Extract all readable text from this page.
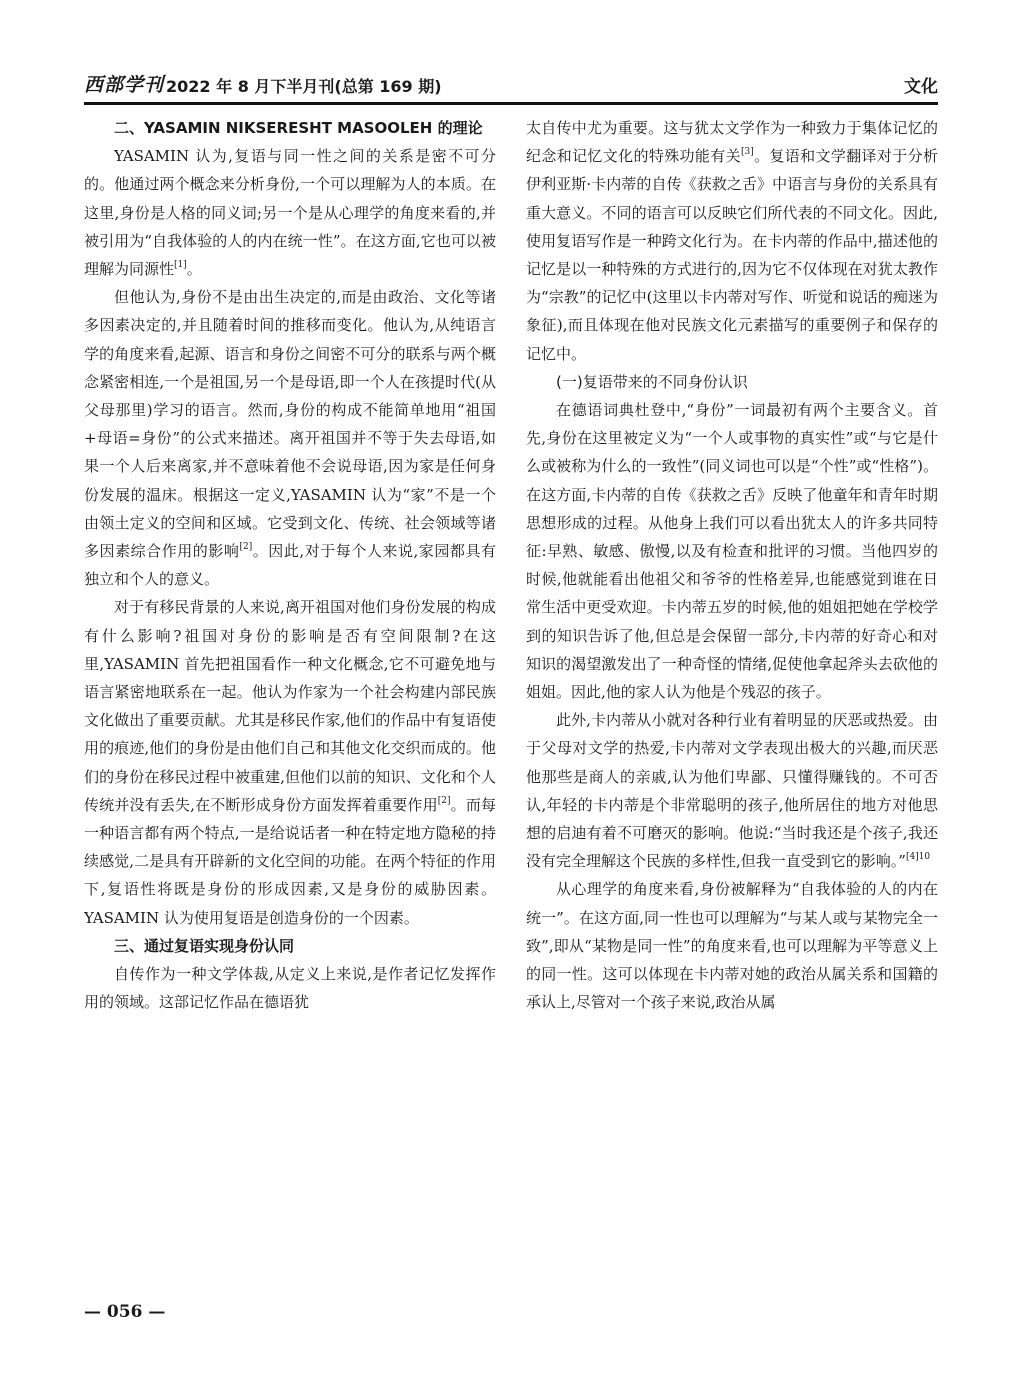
西部学刊 2022 年 8 月下半月刊(总第 169 期)	文化
二、YASAMIN NIKSERESHT MASOOLEH 的理论

YASAMIN 认为,复语与同一性之间的关系是密不可分的。他通过两个概念来分析身份,一个可以理解为人的本质。在这里,身份是人格的同义词;另一个是从心理学的角度来看的,并被引用为“自我体验的人的内在统一性”。在这方面,它也可以被理解为同源性[1]。

但他认为,身份不是由出生决定的,而是由政治、文化等诸多因素决定的,并且随着时间的推移而变化。他认为,从纯语言学的角度来看,起源、语言和身份之间密不可分的联系与两个概念紧密相连,一个是祖国,另一个是母语,即一个人在孩提时代(从父母那里)学习的语言。然而,身份的构成不能简单地用“祖国+母语=身份”的公式来描述。离开祖国并不等于失去母语,如果一个人后来离家,并不意味着他不会说母语,因为家是任何身份发展的温床。根据这一定义,YASAMIN 认为“家”不是一个由领土定义的空间和区域。它受到文化、传统、社会领域等诸多因素综合作用的影响[2]。因此,对于每个人来说,家园都具有独立和个人的意义。

对于有移民背景的人来说,离开祖国对他们身份发展的构成有什么影响?祖国对身份的影响是否有空间限制?在这里,YASAMIN 首先把祖国看作一种文化概念,它不可避免地与语言紧密地联系在一起。他认为作家为一个社会构建内部民族文化做出了重要贡献。尤其是移民作家,他们的作品中有复语使用的痕迹,他们的身份是由他们自己和其他文化交织而成的。他们的身份在移民过程中被重建,但他们以前的知识、文化和个人传统并没有丢失,在不断形成身份方面发挥着重要作用[2]。而每一种语言都有两个特点,一是给说话者一种在特定地方隐秘的持续感觉,二是具有开辟新的文化空间的功能。在两个特征的作用下,复语性将既是身份的形成因素,又是身份的威胁因素。YASAMIN 认为使用复语是创造身份的一个因素。

三、通过复语实现身份认同

自传作为一种文学体裁,从定义上来说,是作者记忆发挥作用的领域。这部记忆作品在德语犹

太自传中尤为重要。这与犹太文学作为一种致力于集体记忆的纪念和记忆文化的特殊功能有关[3]。复语和文学翻译对于分析伊利亚斯·卡内蒂的自传《获救之舌》中语言与身份的关系具有重大意义。不同的语言可以反映它们所代表的不同文化。因此,使用复语写作是一种跨文化行为。在卡内蒂的作品中,描述他的记忆是以一种特殊的方式进行的,因为它不仅体现在对犹太教作为“宗教”的记忆中(这里以卡内蒂对写作、听觉和说话的痴迷为象征),而且体现在他对民族文化元素描写的重要例子和保存的记忆中。

(一)复语带来的不同身份认识

在德语词典杜登中,“身份”一词最初有两个主要含义。首先,身份在这里被定义为“一个人或事物的真实性”或“与它是什么或被称为什么的一致性”(同义词也可以是“个性”或“性格”)。在这方面,卡内蒂的自传《获救之舌》反映了他童年和青年时期思想形成的过程。从他身上我们可以看出犹太人的许多共同特征:早熟、敏感、傲慢,以及有检查和批评的习惯。当他四岁的时候,他就能看出他祖父和爷爷的性格差异,也能感觉到谁在日常生活中更受欢迎。卡内蒂五岁的时候,他的姐姐把她在学校学到的知识告诉了他,但总是会保留一部分,卡内蒂的好奇心和对知识的渴望激发出了一种奇怪的情绪,促使他拿起斧头去砍他的姐姐。因此,他的家人认为他是个残忍的孩子。

此外,卡内蒂从小就对各种行业有着明显的厌恶或热爱。由于父母对文学的热爱,卡内蒂对文学表现出极大的兴趣,而厌恶他那些是商人的亲戚,认为他们卑鄙、只懂得赚钱的。不可否认,年轻的卡内蒂是个非常聪明的孩子,他所居住的地方对他思想的启迪有着不可磨灭的影响。他说:“当时我还是个孩子,我还没有完全理解这个民族的多样性,但我一直受到它的影响。”$^{[4]10}$

从心理学的角度来看,身份被解释为“自我体验的人的内在统一”。在这方面,同一性也可以理解为“与某人或与某物完全一致”,即从“某物是同一性”的角度来看,也可以理解为平等意义上的同一性。这可以体现在卡内蒂对她的政治从属关系和国籍的承认上,尽管对一个孩子来说,政治从属

— 056 —
